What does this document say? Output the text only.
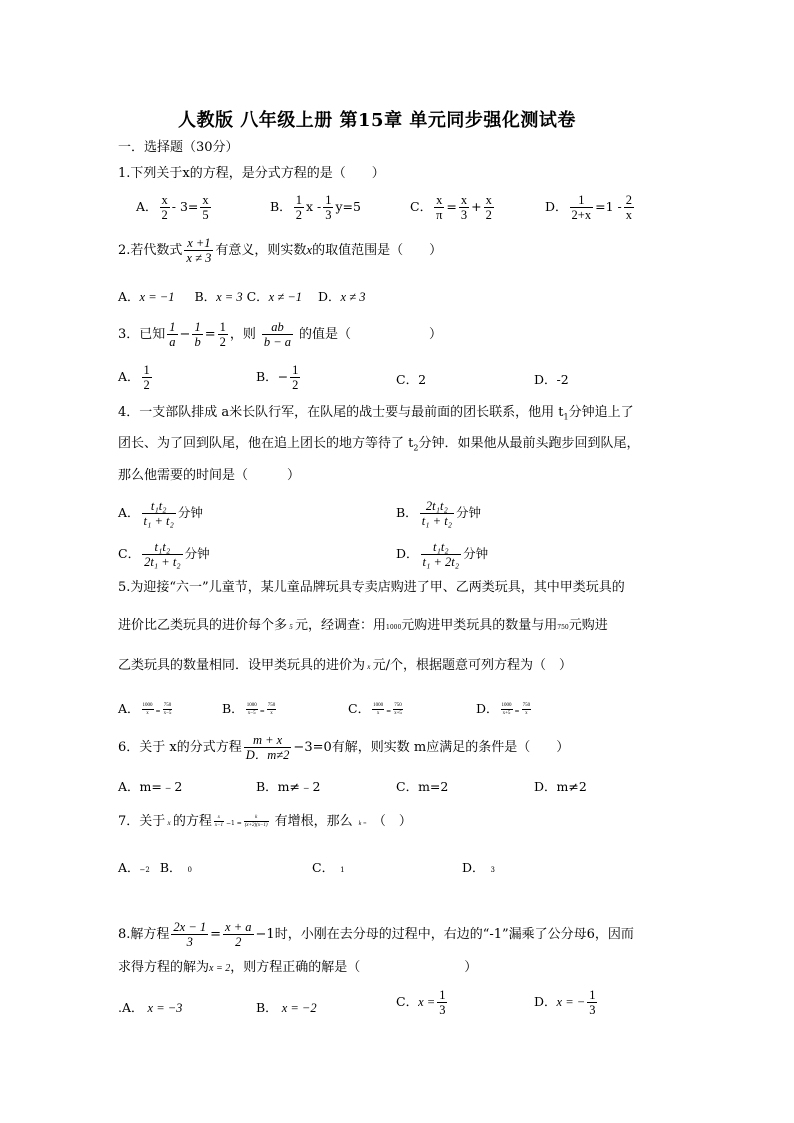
人教版 八年级上册 第15章 单元同步强化测试卷
一．选择题（30分）
1.下列关于x的方程，是分式方程的是（　　）
A． $\frac{x}{2} - 3= \frac{x}{5}$	B． $\frac{1}{2}$ $x - \frac{1}{3} y=5$	C． $\frac{x}{\pi} = \frac{x}{3} + \frac{x}{2}$	D． $\frac{1}{2+x} =1 - \frac{2}{x}$
2.若代数式 $\frac{x +1}{x \ne 3}$ 有意义，则实数x的取值范围是（　　）
A．x = −1 B．x = 3 C．x ≠ −1 D．x ≠ 3
3．已知 $\frac{1}{a} - \frac{1}{b} = \frac{1}{2}$ ，则 $\frac{ab}{b - a}$ 的值是（　　　　　　）
A． $\frac{1}{2}$	B．− $\frac{1}{2}$	C．2	D．-2
4．一支部队排成 a米长队行军，在队尾的战士要与最前面的团长联系，他用 $t_1$分钟追上了
团长、为了回到队尾，他在追上团长的地方等待了 $t_2$分钟．如果他从最前头跑步回到队尾，
那么他需要的时间是（　　　）
A． $\frac{\text{t₁t₂}}{\text{t₁ + t₂}}$ 分钟	B． $\frac{\text{2t₁t₂}}{\text{t₁ + t₂}}$ 分钟
C． $\frac{\text{t₁t₂}}{\text{2t₁ + t₂}}$ 分钟	D． $\frac{\text{t₁t₂}}{\text{t₁ + 2t₂}}$ 分钟
5.为迎接“六一”儿童节，某儿童品牌玩具专卖店购进了甲、乙两类玩具，其中甲类玩具的
进价比乙类玩具的进价每个多 5 元，经调查：用1000元购进甲类玩具的数量与用750元购进
乙类玩具的数量相同．设甲类玩具的进价为 x 元/个，根据题意可列方程为（　）
A． $\frac{1000}{x} = \frac{750}{x-5}$	B． $\frac{1000}{x-5} = \frac{750}{x}$	C． $\frac{1000}{x} = \frac{750}{x+5}$	D． $\frac{1000}{x+5} = \frac{750}{x}$
6．关于 x的分式方程 $\frac{m + x}{D.m\ne 2} -3=0$有解，则实数 m应满足的条件是（　　）
A．m=﹣2	B．m≠﹣2	C．m=2	D．m≠2
7．关于 x 的方程 $\frac{x}{x-1} -1 = \frac{k}{(x+2)(x-1)}$ 有增根，那么 k = （　）
A．−2 B． 0	C． 1	D． 3
8.解方程 $\frac{2x - 1}{3} = \frac{x + a}{2} -1$时，小刚在去分母的过程中，右边的“-1”漏乘了公分母6，因而
求得方程的解为x = 2，则方程正确的解是（　　　　　　　　）
.A． x = −3	B． x = −2	C．$x = \frac{1}{3}$	D．x = − $\frac{1}{3}$
